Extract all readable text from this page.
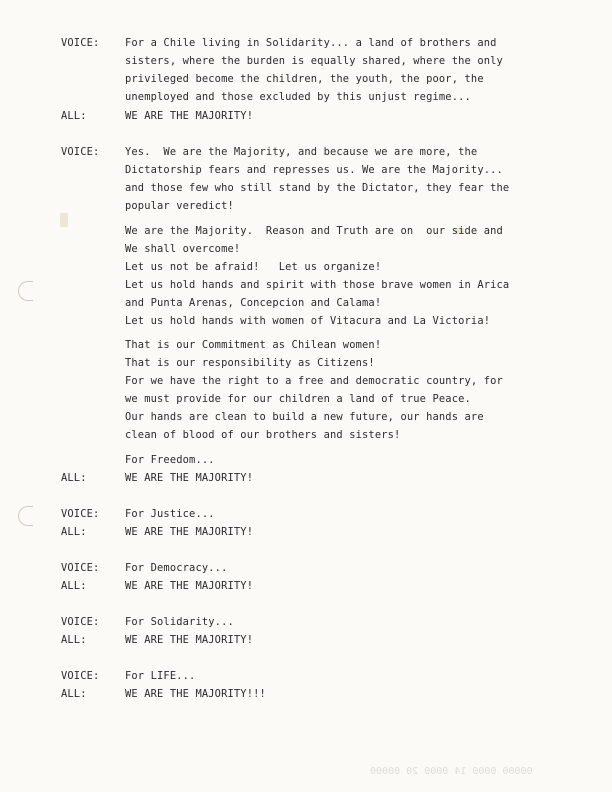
00000 0000 14 0000 20 00000
VOICE: For a Chile living in Solidarity... a land of brothers and
sisters, where the burden is equally shared, where the only
privileged become the children, the youth, the poor, the
unemployed and those excluded by this unjust regime...
ALL:	WE ARE THE MAJORITY!
VOICE: Yes.  We are the Majority, and because we are more, the
Dictatorship fears and represses us. We are the Majority...
and those few who still stand by the Dictator, they fear the
popular veredict!
We are the Majority.  Reason and Truth are on  our side and
We shall overcome!
Let us not be afraid!   Let us organize!
Let us hold hands and spirit with those brave women in Arica
and Punta Arenas, Concepcion and Calama!
Let us hold hands with women of Vitacura and La Victoria!
That is our Commitment as Chilean women!
That is our responsibility as Citizens!
For we have the right to a free and democratic country, for
we must provide for our children a land of true Peace.
Our hands are clean to build a new future, our hands are
clean of blood of our brothers and sisters!
For Freedom...
ALL:	WE ARE THE MAJORITY!
VOICE: For Justice...
ALL:	WE ARE THE MAJORITY!
VOICE: For Democracy...
ALL:	WE ARE THE MAJORITY!
VOICE: For Solidarity...
ALL:	WE ARE THE MAJORITY!
VOICE: For LIFE...
ALL:	WE ARE THE MAJORITY!!!
